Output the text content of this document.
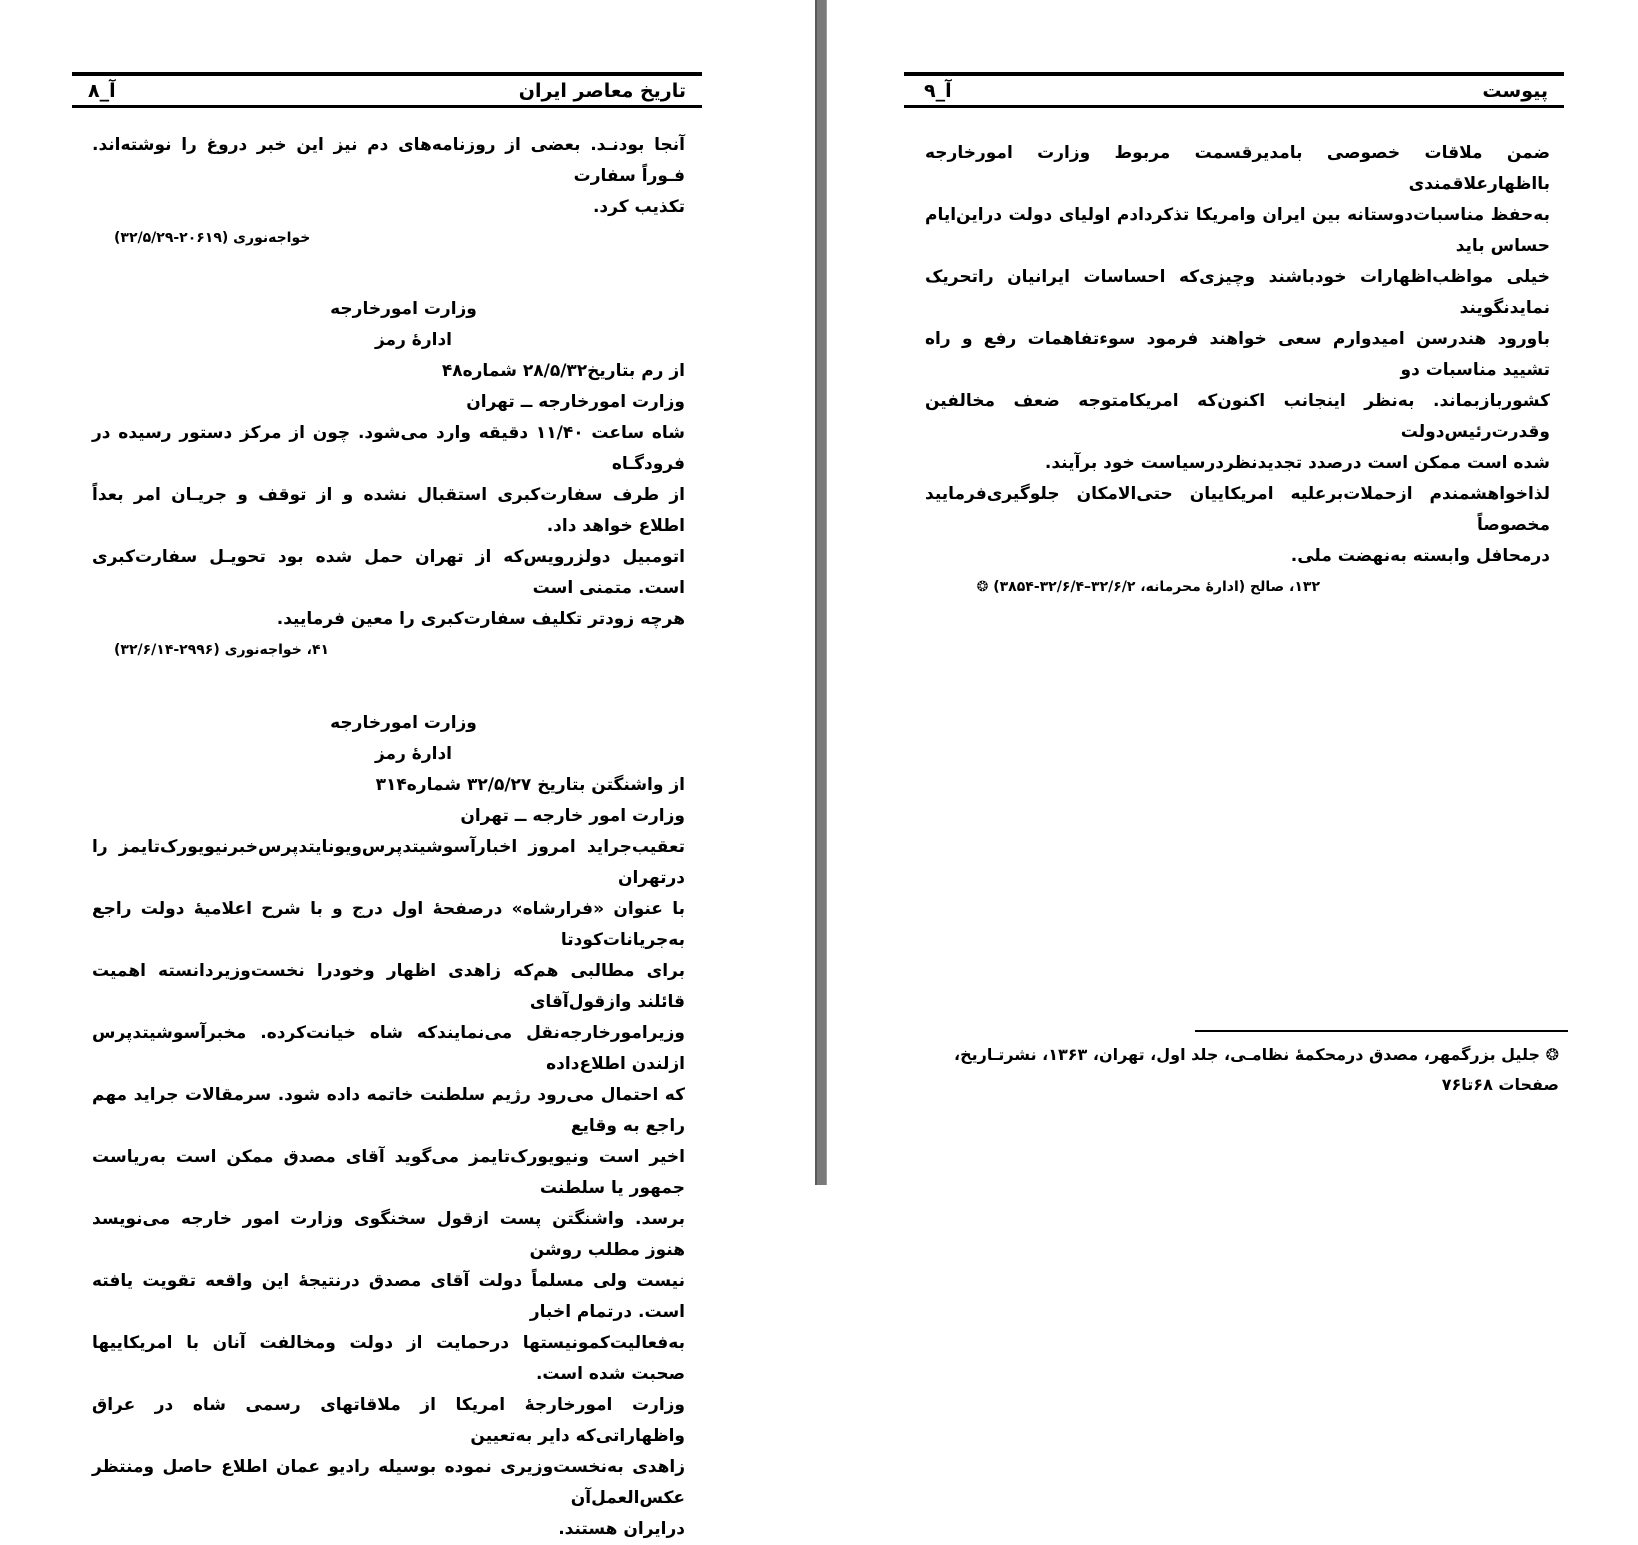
آ_۸	تاریخ معاصر ایران

آنجا بودنـد. بعضی از روزنامه‌های دم نیز این خبر دروغ را نوشته‌اند. فـوراً سفارت

تکذیب کرد.

خواجه‌نوری (۲۰۶۱۹-۳۲/۵/۲۹)

وزارت امورخارجه

ادارهٔ رمز

از رم بتاریخ۲۸/۵/۳۲ شماره۴۸

وزارت امورخارجه ــ تهران

شاه ساعت ۱۱/۴۰ دقیقه وارد می‌شود. چون از مرکز دستور رسیده در فرودگـاه

از طرف سفارت‌کبری استقبال نشده و از توقف و جریـان امر بعداً اطلاع خواهد داد.

اتومبیل دولزرویس‌که از تهران حمل شده بود تحویـل سفارت‌کبری است. متمنی است

هرچه زودتر تکلیف سفارت‌کبری را معین فرمایید.

۴۱، خواجه‌نوری (۲۹۹۶-۳۲/۶/۱۴)

وزارت امورخارجه

ادارهٔ رمز

از واشنگتن بتاریخ ۳۲/۵/۲۷ شماره۳۱۴

وزارت امور خارجه ــ تهران

تعقیب‌جراید امروز اخبارآسوشیتدپرس‌ویونایتدپرس‌خبرنیویورک‌تایمز را درتهران

با عنوان «فرارشاه» درصفحهٔ اول درج و با شرح اعلامیهٔ دولت راجع به‌جریانات‌کودتا

برای مطالبی هم‌که زاهدی اظهار وخودرا نخست‌وزیردانسته اهمیت قائلند وازقول‌آقای

وزیرامورخارجه‌نقل می‌نمایندکه شاه خیانت‌کرده. مخبرآسوشیتدپرس ازلندن اطلاع‌داده

که احتمال می‌رود رژیم سلطنت خاتمه داده شود. سرمقالات جراید مهم راجع به وقایع

اخیر است ونیویورک‌تایمز می‌گوید آقای مصدق ممکن است به‌ریاست جمهور یا سلطنت

برسد. واشنگتن پست ازقول سخنگوی وزارت امور خارجه می‌نویسد هنوز مطلب روشن

نیست ولی مسلماً دولت آقای مصدق درنتیجهٔ این واقعه تقویت یافته است. درتمام اخبار

به‌فعالیت‌کمونیستها درحمایت از دولت ومخالفت آنان با امریکاییها صحبت شده است.

وزارت امورخارجهٔ امریکا از ملاقاتهای رسمی شاه در عراق واظهاراتی‌که دایر به‌تعیین

زاهدی به‌نخست‌وزیری نموده بوسیله رادیو عمان اطلاع حاصل ومنتظر عکس‌العمل‌آن

درایران هستند.

آ_۹	پیوست

ضمن ملاقات خصوصی بامدیرقسمت مربوط وزارت امورخارجه بااظهارعلاقمندی

به‌حفظ مناسبات‌دوستانه بین ایران وامریکا تذکردادم اولیای دولت دراین‌ایام حساس باید

خیلی مواظب‌اظهارات خودباشند وچیزی‌که احساسات ایرانیان راتحریک نمایدنگویند

باورود هندرسن امیدوارم سعی خواهند فرمود سوءتفاهمات رفع و راه تشیید مناسبات دو

کشوربازبماند. به‌نظر اینجانب اکنون‌که امریکامتوجه ضعف مخالفین وقدرت‌رئیس‌دولت

شده است ممکن است درصدد تجدیدنظردرسیاست خود برآیند.

لذاخواهشمندم ازحملات‌برعلیه امریکاییان حتی‌الامکان جلوگیری‌فرمایید مخصوصاً

درمحافل وابسته به‌نهضت ملی.

۱۳۲، صالح (ادارهٔ محرمانه، ۳۲/۶/۲–۳۲/۶/۴-۳۸۵۴) ❂

❂ جلیل بزرگمهر، مصدق درمحکمهٔ نظامـی، جلد اول، تهران، ۱۳۶۳، نشرتـاریخ،

صفحات ۶۸تا۷۶
